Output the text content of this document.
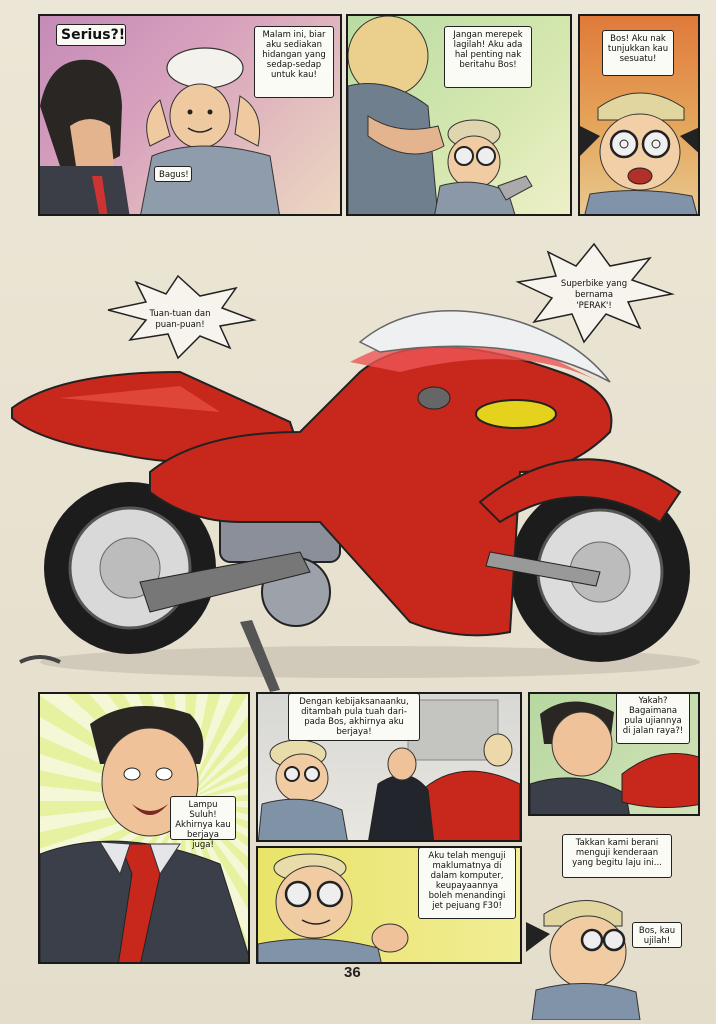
Serius?!	Malam ini, biar aku sediakan hidangan yang sedap-sedap untuk kau!
Bagus!
Jangan merepek lagilah! Aku ada hal penting nak beritahu Bos!
Bos! Aku nak tunjukkan kau sesuatu!
Tuan-tuan dan
puan-puan!
Superbike yang
bernama
'PERAK'!
Lampu Suluh! Akhirnya kau berjaya juga!
Dengan kebijaksanaanku, ditambah pula tuah dari-pada Bos, akhirnya aku berjaya!
Yakah? Bagaimana pula ujiannya di jalan raya?!
Aku telah menguji maklumatnya di dalam komputer, keupayaannya boleh menandingi jet pejuang F30!
Takkan kami berani menguji kenderaan yang begitu laju ini...
Bos, kau ujilah!
36
